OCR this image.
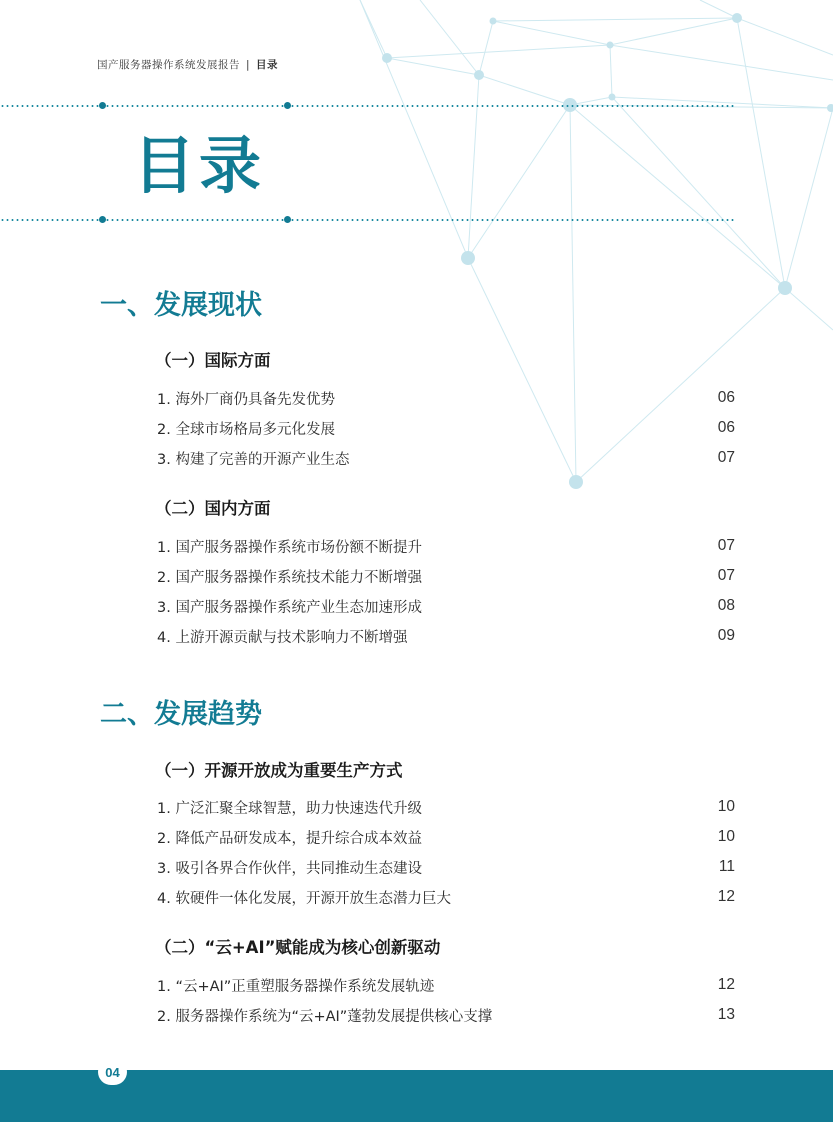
国产服务器操作系统发展报告 | 目录
目录
一、发展现状
（一）国际方面
1. 海外厂商仍具备先发优势	06
2. 全球市场格局多元化发展	06
3. 构建了完善的开源产业生态	07
（二）国内方面
1. 国产服务器操作系统市场份额不断提升	07
2. 国产服务器操作系统技术能力不断增强	07
3. 国产服务器操作系统产业生态加速形成	08
4. 上游开源贡献与技术影响力不断增强	09
二、发展趋势
（一）开源开放成为重要生产方式
1. 广泛汇聚全球智慧，助力快速迭代升级	10
2. 降低产品研发成本，提升综合成本效益	10
3. 吸引各界合作伙伴，共同推动生态建设	11
4. 软硬件一体化发展，开源开放生态潜力巨大	12
（二）“云+AI”赋能成为核心创新驱动
1. “云+AI”正重塑服务器操作系统发展轨迹	12
2. 服务器操作系统为“云+AI”蓬勃发展提供核心支撑	13
04
